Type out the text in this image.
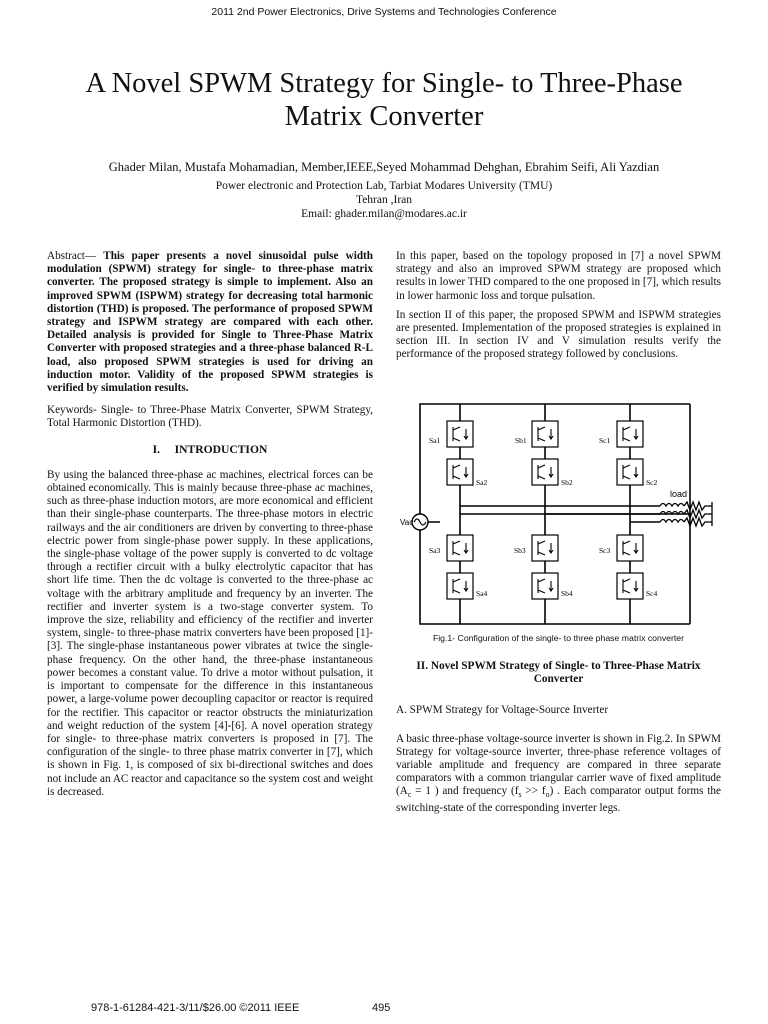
2011 2nd Power Electronics, Drive Systems and Technologies Conference
A Novel SPWM Strategy for Single- to Three-Phase
Matrix Converter
Ghader Milan, Mustafa Mohamadian, Member,IEEE,Seyed Mohammad Dehghan, Ebrahim Seifi, Ali Yazdian
Power electronic and Protection Lab, Tarbiat Modares University (TMU)
Tehran ,Iran
Email: ghader.milan@modares.ac.ir

Abstract— This paper presents a novel sinusoidal pulse width modulation (SPWM) strategy for single- to three-phase matrix converter. The proposed strategy is simple to implement. Also an improved SPWM (ISPWM) strategy for decreasing total harmonic distortion (THD) is proposed. The performance of proposed SPWM strategy and ISPWM strategy are compared with each other. Detailed analysis is provided for Single to Three-Phase Matrix Converter with proposed strategies and a three-phase balanced R-L load, also proposed SPWM strategies is used for driving an induction motor. Validity of the proposed SPWM strategies is verified by simulation results.

Keywords- Single- to Three-Phase Matrix Converter, SPWM Strategy, Total Harmonic Distortion (THD).

I. INTRODUCTION

By using the balanced three-phase ac machines, electrical forces can be obtained economically. This is mainly because three-phase ac machines, such as three-phase induction motors, are more economical and efficient than their single-phase counterparts. The three-phase motors in electric railways and the air conditioners are driven by converting to three-phase electric power from single-phase power supply. In these applications, the single-phase voltage of the power supply is converted to dc voltage through a rectifier circuit with a bulky electrolytic capacitor that has short life time. Then the dc voltage is converted to the three-phase ac voltage with the arbitrary amplitude and frequency by an inverter. The rectifier and inverter system is a two-stage converter system. To improve the size, reliability and efficiency of the rectifier and inverter system, single- to three-phase matrix converters have been proposed [1]-[3]. The single-phase instantaneous power vibrates at twice the single-phase frequency. On the other hand, the three-phase instantaneous power becomes a constant value. To drive a motor without pulsation, it is important to compensate for the difference in this instantaneous power, a large-volume power decoupling capacitor or reactor is required for the rectifier. This capacitor or reactor obstructs the miniaturization and weight reduction of the system [4]-[6]. A novel operation strategy for single- to three-phase matrix converters is proposed in [7]. The configuration of the single- to three phase matrix converter in [7], which is shown in Fig. 1, is composed of six bi-directional switches and does not include an AC reactor and capacitance so the system cost and weight is decreased.

In this paper, based on the topology proposed in [7] a novel SPWM strategy and also an improved SPWM strategy are proposed which results in lower THD compared to the one proposed in [7], which results in lower harmonic loss and torque pulsation.

In section II of this paper, the proposed SPWM and ISPWM strategies are presented. Implementation of the proposed strategies is explained in section III. In section IV and V simulation results verify the performance of the proposed strategy followed by conclusions.

Vac
load
Sa1
Sa2
Sa3
Sa4
Sb1
Sb2
Sb3
Sb4
Sc1
Sc2
Sc3
Sc4
Fig.1- Configuration of the single- to three phase matrix converter

II. Novel SPWM Strategy of Single- to Three-Phase Matrix Converter

A. SPWM Strategy for Voltage-Source Inverter

A basic three-phase voltage-source inverter is shown in Fig.2. In SPWM Strategy for voltage-source inverter, three-phase reference voltages of variable amplitude and frequency are compared in three separate comparators with a common triangular carrier wave of fixed amplitude ($A_c = 1$ ) and frequency $(f_s >> f_o)$ . Each comparator output forms the switching-state of the corresponding inverter legs.

978-1-61284-421-3/11/$26.00 ©2011 IEEE	495
